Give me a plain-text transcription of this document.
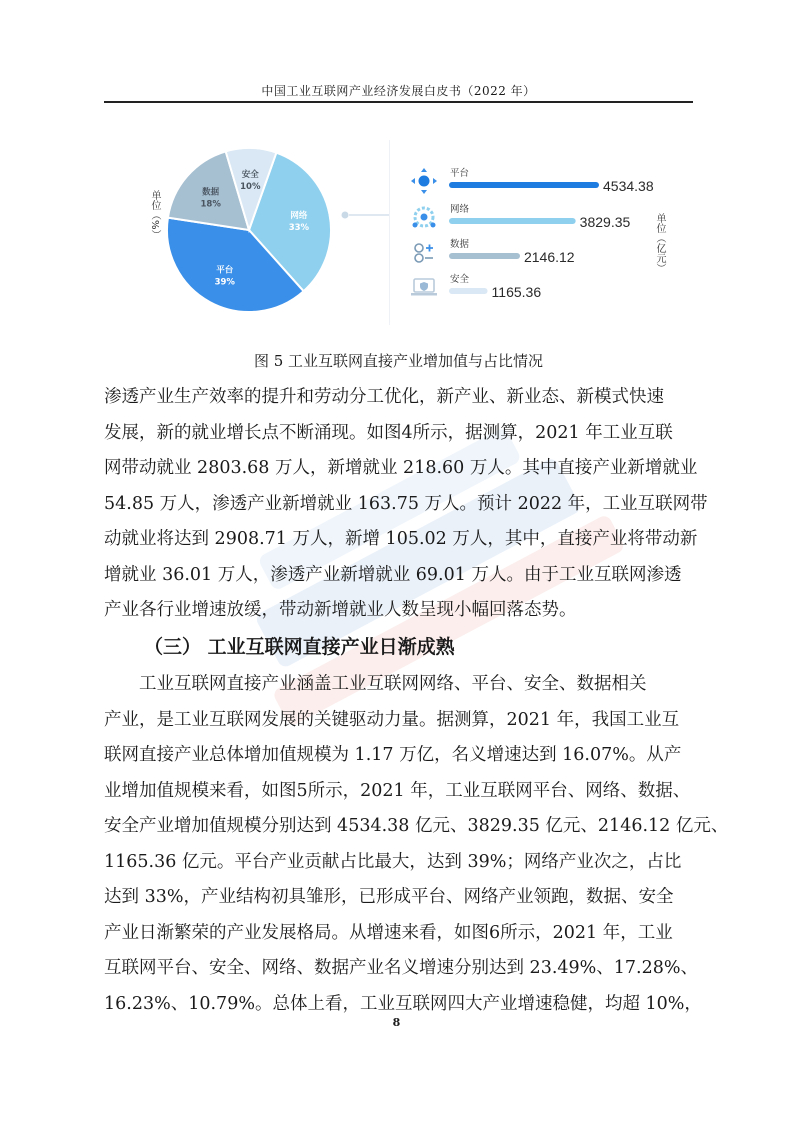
中国工业互联网产业经济发展白皮书（2022 年）
网络
33%
平台
39%
数据
18%
安全
10%
平台
4534.38
网络
3829.35
数据
2146.12
安全
1165.36
单位（%）	单位（亿元）
图 5 工业互联网直接产业增加值与占比情况
渗透产业生产效率的提升和劳动分工优化，新产业、新业态、新模式快速
发展，新的就业增长点不断涌现。如图4所示，据测算，2021 年工业互联
网带动就业 2803.68 万人，新增就业 218.60 万人。其中直接产业新增就业
54.85 万人，渗透产业新增就业 163.75 万人。预计 2022 年，工业互联网带
动就业将达到 2908.71 万人，新增 105.02 万人，其中，直接产业将带动新
增就业 36.01 万人，渗透产业新增就业 69.01 万人。由于工业互联网渗透
产业各行业增速放缓，带动新增就业人数呈现小幅回落态势。
（三） 工业互联网直接产业日渐成熟
工业互联网直接产业涵盖工业互联网网络、平台、安全、数据相关
产业，是工业互联网发展的关键驱动力量。据测算，2021 年，我国工业互
联网直接产业总体增加值规模为 1.17 万亿，名义增速达到 16.07%。从产
业增加值规模来看，如图5所示，2021 年，工业互联网平台、网络、数据、
安全产业增加值规模分别达到 4534.38 亿元、3829.35 亿元、2146.12 亿元、
1165.36 亿元。平台产业贡献占比最大，达到 39%；网络产业次之，占比
达到 33%，产业结构初具雏形，已形成平台、网络产业领跑，数据、安全
产业日渐繁荣的产业发展格局。从增速来看，如图6所示，2021 年，工业
互联网平台、安全、网络、数据产业名义增速分别达到 23.49%、17.28%、
16.23%、10.79%。总体上看，工业互联网四大产业增速稳健，均超 10%，
8
